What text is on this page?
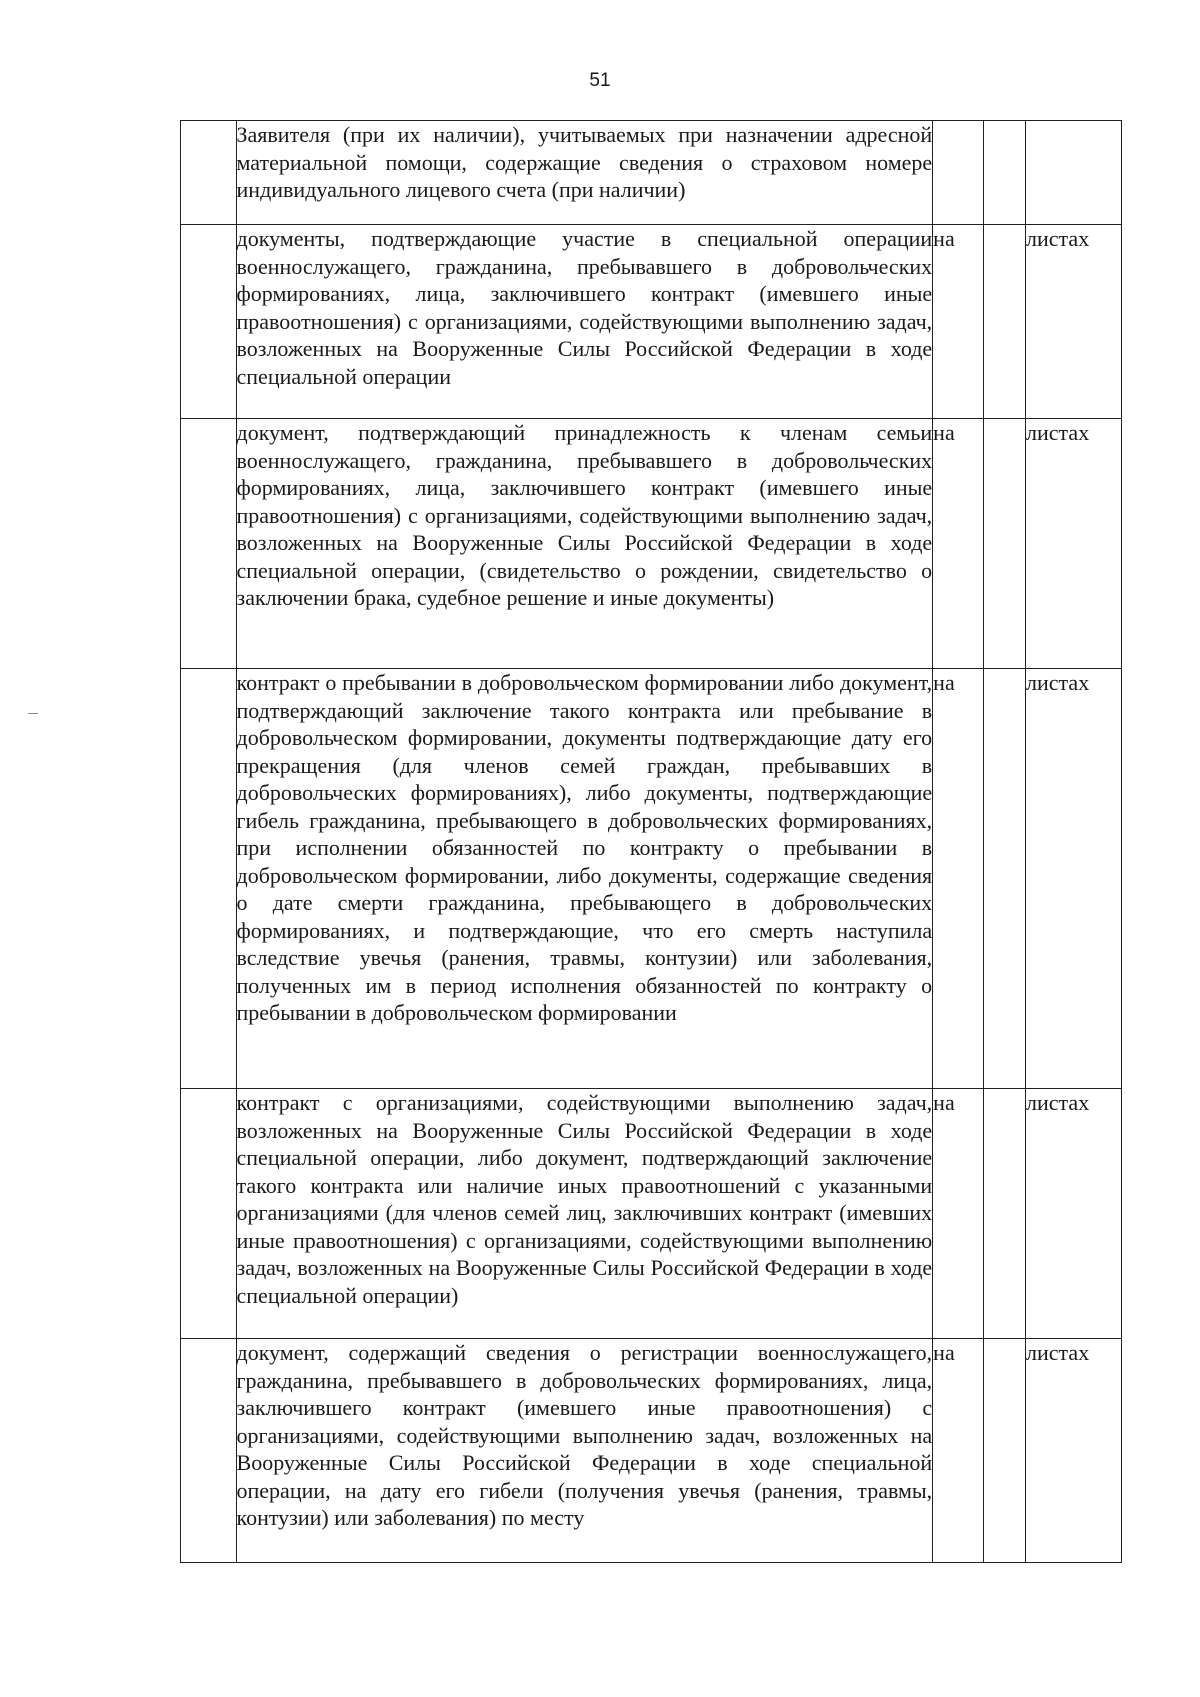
51
	Заявителя (при их наличии), учитываемых при назначении адресной материальной помощи, содержащие сведения о страховом номере индивидуального лицевого счета (при наличии)			
	документы, подтверждающие участие в специальной операции военнослужащего, гражданина, пребывавшего в добровольческих формированиях, лица, заключившего контракт (имевшего иные правоотношения) с организациями, содействующими выполнению задач, возложенных на Вооруженные Силы Российской Федерации в ходе специальной операции	на		листах
	документ, подтверждающий принадлежность к членам семьи военнослужащего, гражданина, пребывавшего в добровольческих формированиях, лица, заключившего контракт (имевшего иные правоотношения) с организациями, содействующими выполнению задач, возложенных на Вооруженные Силы Российской Федерации в ходе специальной операции, (свидетельство о рождении, свидетельство о заключении брака, судебное решение и иные документы)	на		листах
	контракт о пребывании в добровольческом формировании либо документ, подтверждающий заключение такого контракта или пребывание в добровольческом формировании, документы подтверждающие дату его прекращения (для членов семей граждан, пребывавших в добровольческих формированиях), либо документы, подтверждающие гибель гражданина, пребывающего в добровольческих формированиях, при исполнении обязанностей по контракту о пребывании в добровольческом формировании, либо документы, содержащие сведения о дате смерти гражданина, пребывающего в добровольческих формированиях, и подтверждающие, что его смерть наступила вследствие увечья (ранения, травмы, контузии) или заболевания, полученных им в период исполнения обязанностей по контракту о пребывании в добровольческом формировании	на		листах
	контракт с организациями, содействующими выполнению задач, возложенных на Вооруженные Силы Российской Федерации в ходе специальной операции, либо документ, подтверждающий заключение такого контракта или наличие иных правоотношений с указанными организациями (для членов семей лиц, заключивших контракт (имевших иные правоотношения) с организациями, содействующими выполнению задач, возложенных на Вооруженные Силы Российской Федерации в ходе специальной операции)	на		листах
	документ, содержащий сведения о регистрации военнослужащего, гражданина, пребывавшего в добровольческих формированиях, лица, заключившего контракт (имевшего иные правоотношения) с организациями, содействующими выполнению задач, возложенных на Вооруженные Силы Российской Федерации в ходе специальной операции, на дату его гибели (получения увечья (ранения, травмы, контузии) или заболевания) по месту	на		листах
